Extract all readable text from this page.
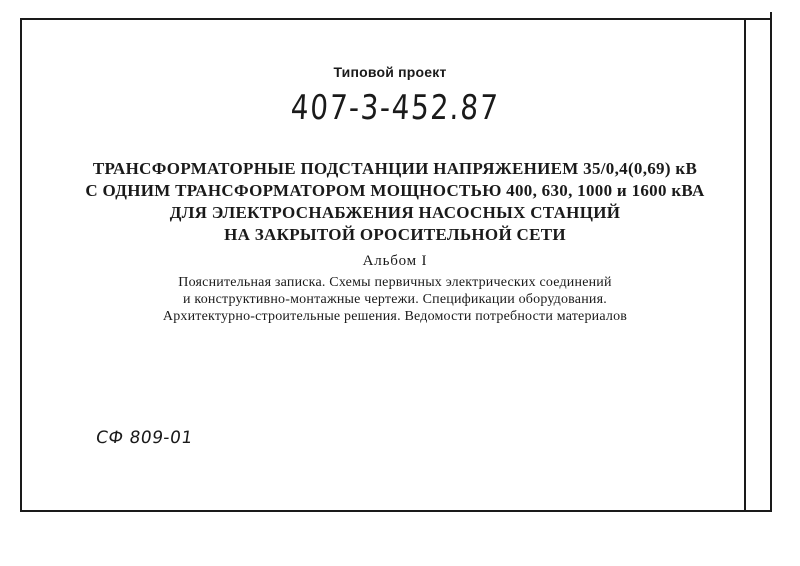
Типовой проект
407-3-452.87
ТРАНСФОРМАТОРНЫЕ ПОДСТАНЦИИ НАПРЯЖЕНИЕМ 35/0,4(0,69) кВ
С ОДНИМ ТРАНСФОРМАТОРОМ МОЩНОСТЬЮ 400, 630, 1000 и 1600 кВА
ДЛЯ ЭЛЕКТРОСНАБЖЕНИЯ НАСОСНЫХ СТАНЦИЙ
НА ЗАКРЫТОЙ ОРОСИТЕЛЬНОЙ СЕТИ
Альбом I
Пояснительная записка. Схемы первичных электрических соединений
и конструктивно-монтажные чертежи. Спецификации оборудования.
Архитектурно-строительные решения. Ведомости потребности материалов
СФ 809-01
